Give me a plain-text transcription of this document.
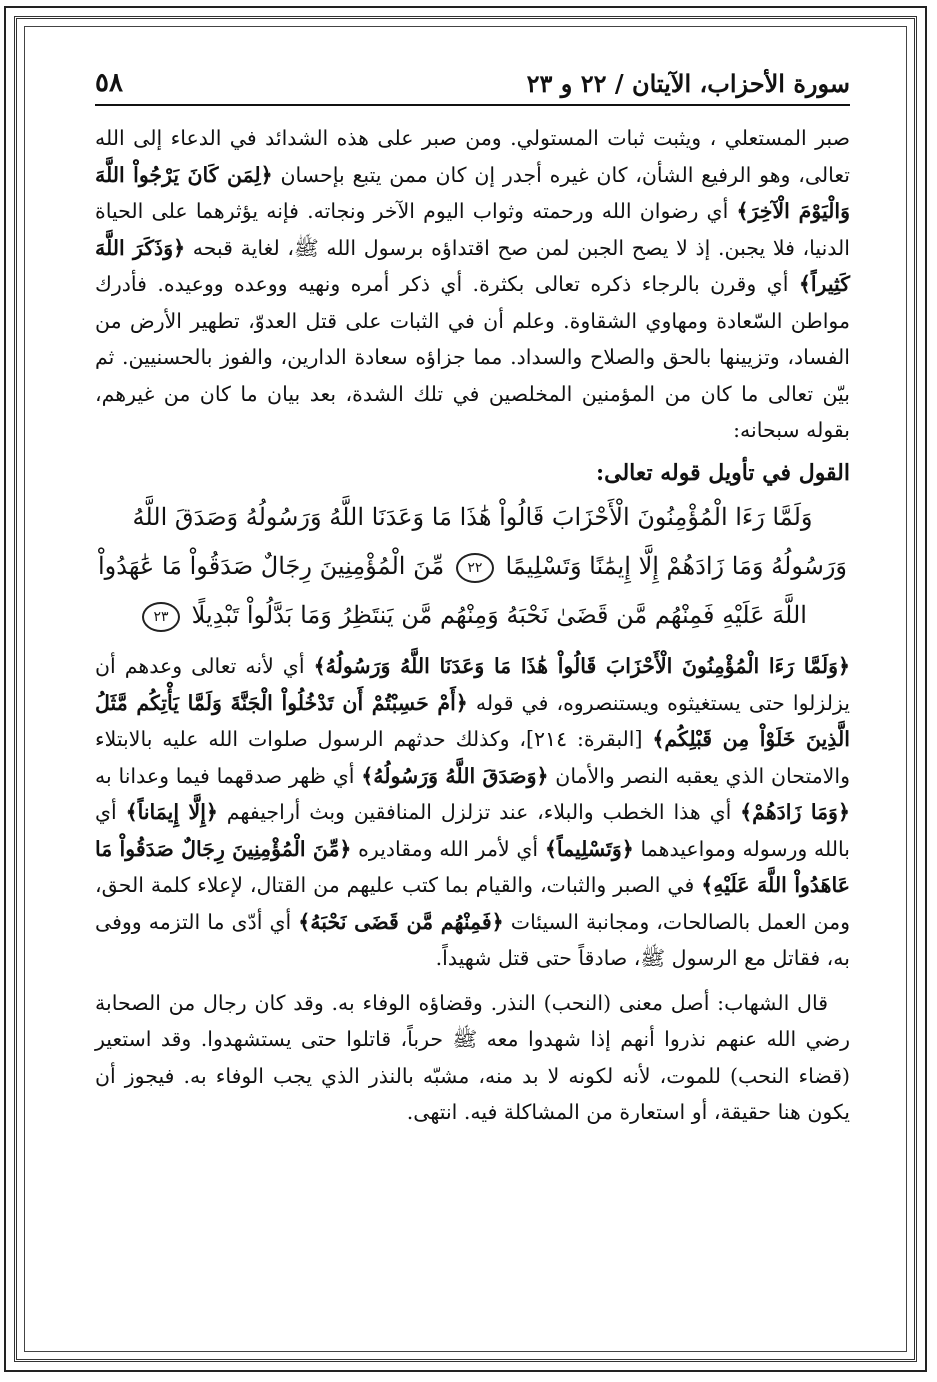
سورة الأحزاب، الآيتان / ٢٢ و ٢٣
٥٨

صبر المستعلي ، ويثبت ثبات المستولي. ومن صبر على هذه الشدائد في الدعاء إلى الله تعالى، وهو الرفيع الشأن، كان غيره أجدر إن كان ممن يتبع بإحسان ﴿لِمَن كَانَ يَرْجُواْ اللَّهَ وَالْيَوْمَ الْآخِرَ﴾ أي رضوان الله ورحمته وثواب اليوم الآخر ونجاته. فإنه يؤثرهما على الحياة الدنيا، فلا يجبن. إذ لا يصح الجبن لمن صح اقتداؤه برسول الله ﷺ، لغاية قبحه ﴿وَذَكَرَ اللَّهَ كَثِيراً﴾ أي وقرن بالرجاء ذكره تعالى بكثرة. أي ذكر أمره ونهيه ووعده ووعيده. فأدرك مواطن السّعادة ومهاوي الشقاوة. وعلم أن في الثبات على قتل العدوّ، تطهير الأرض من الفساد، وتزيينها بالحق والصلاح والسداد. مما جزاؤه سعادة الدارين، والفوز بالحسنيين. ثم بيّن تعالى ما كان من المؤمنين المخلصين في تلك الشدة، بعد بيان ما كان من غيرهم، بقوله سبحانه:

القول في تأويل قوله تعالى:
وَلَمَّا رَءَا الْمُؤْمِنُونَ الْأَحْزَابَ قَالُواْ هَٰذَا مَا وَعَدَنَا اللَّهُ وَرَسُولُهُ وَصَدَقَ اللَّهُ وَرَسُولُهُ وَمَا زَادَهُمْ إِلَّا إِيمَٰنًا وَتَسْلِيمًا ٢٢ مِّنَ الْمُؤْمِنِينَ رِجَالٌ صَدَقُواْ مَا عَٰهَدُواْ اللَّهَ عَلَيْهِ فَمِنْهُم مَّن قَضَىٰ نَحْبَهُ وَمِنْهُم مَّن يَنتَظِرُ وَمَا بَدَّلُواْ تَبْدِيلًا ٢٣

﴿وَلَمَّا رَءَا الْمُؤْمِنُونَ الْأَحْزَابَ قَالُواْ هَٰذَا مَا وَعَدَنَا اللَّهُ وَرَسُولُهُ﴾ أي لأنه تعالى وعدهم أن يزلزلوا حتى يستغيثوه ويستنصروه، في قوله ﴿أَمْ حَسِبْتُمْ أَن تَدْخُلُواْ الْجَنَّةَ وَلَمَّا يَأْتِكُم مَّثَلُ الَّذِينَ خَلَوْاْ مِن قَبْلِكُم﴾ [البقرة: ٢١٤]، وكذلك حدثهم الرسول صلوات الله عليه بالابتلاء والامتحان الذي يعقبه النصر والأمان ﴿وَصَدَقَ اللَّهُ وَرَسُولُهُ﴾ أي ظهر صدقهما فيما وعدانا به ﴿وَمَا زَادَهُمْ﴾ أي هذا الخطب والبلاء، عند تزلزل المنافقين وبث أراجيفهم ﴿إِلَّا إِيمَاناً﴾ أي بالله ورسوله ومواعيدهما ﴿وَتَسْلِيماً﴾ أي لأمر الله ومقاديره ﴿مِّنَ الْمُؤْمِنِينَ رِجَالٌ صَدَقُواْ مَا عَاهَدُواْ اللَّهَ عَلَيْهِ﴾ في الصبر والثبات، والقيام بما كتب عليهم من القتال، لإعلاء كلمة الحق، ومن العمل بالصالحات، ومجانبة السيئات ﴿فَمِنْهُم مَّن قَضَى نَحْبَهُ﴾ أي أدّى ما التزمه ووفى به، فقاتل مع الرسول ﷺ، صادقاً حتى قتل شهيداً.

قال الشهاب: أصل معنى (النحب) النذر. وقضاؤه الوفاء به. وقد كان رجال من الصحابة رضي الله عنهم نذروا أنهم إذا شهدوا معه ﷺ حرباً، قاتلوا حتى يستشهدوا. وقد استعير (قضاء النحب) للموت، لأنه لكونه لا بد منه، مشبّه بالنذر الذي يجب الوفاء به. فيجوز أن يكون هنا حقيقة، أو استعارة من المشاكلة فيه. انتهى.
